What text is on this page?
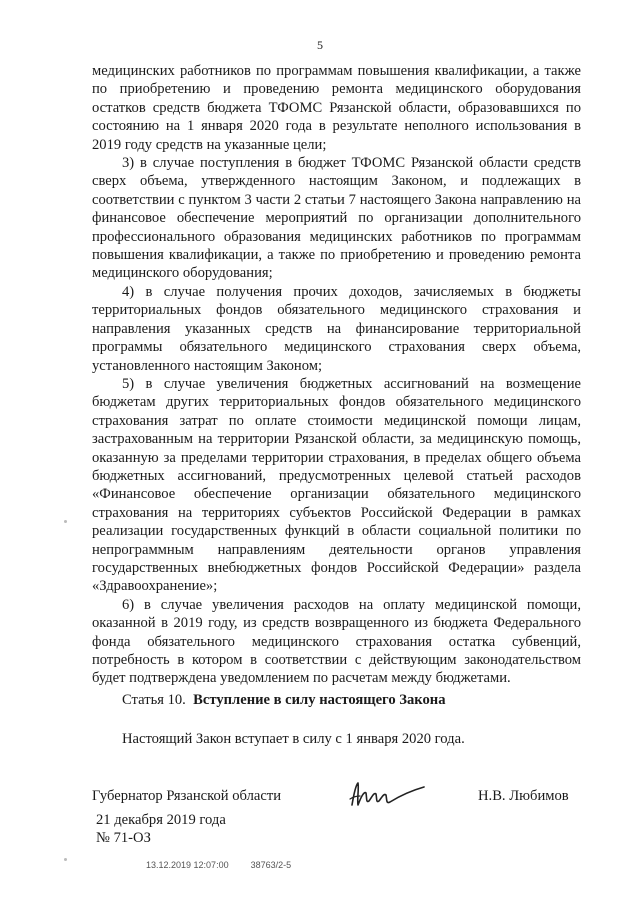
5

медицинских работников по программам повышения квалификации, а также по приобретению и проведению ремонта медицинского оборудования остатков средств бюджета ТФОМС Рязанской области, образовавшихся по состоянию на 1 января 2020 года в результате неполного использования в 2019 году средств на указанные цели;

3) в случае поступления в бюджет ТФОМС Рязанской области средств сверх объема, утвержденного настоящим Законом, и подлежащих в соответствии с пунктом 3 части 2 статьи 7 настоящего Закона направлению на финансовое обеспечение мероприятий по организации дополнительного профессионального образования медицинских работников по программам повышения квалификации, а также по приобретению и проведению ремонта медицинского оборудования;

4) в случае получения прочих доходов, зачисляемых в бюджеты территориальных фондов обязательного медицинского страхования и направления указанных средств на финансирование территориальной программы обязательного медицинского страхования сверх объема, установленного настоящим Законом;

5) в случае увеличения бюджетных ассигнований на возмещение бюджетам других территориальных фондов обязательного медицинского страхования затрат по оплате стоимости медицинской помощи лицам, застрахованным на территории Рязанской области, за медицинскую помощь, оказанную за пределами территории страхования, в пределах общего объема бюджетных ассигнований, предусмотренных целевой статьей расходов «Финансовое обеспечение организации обязательного медицинского страхования на территориях субъектов Российской Федерации в рамках реализации государственных функций в области социальной политики по непрограммным направлениям деятельности органов управления государственных внебюджетных фондов Российской Федерации» раздела «Здравоохранение»;

6) в случае увеличения расходов на оплату медицинской помощи, оказанной в 2019 году, из средств возвращенного из бюджета Федерального фонда обязательного медицинского страхования остатка субвенций, потребность в котором в соответствии с действующим законодательством будет подтверждена уведомлением по расчетам между бюджетами.

Статья 10. Вступление в силу настоящего Закона
Настоящий Закон вступает в силу с 1 января 2020 года.
Губернатор Рязанской области	Н.В. Любимов
21 декабря 2019 года
№ 71-ОЗ
13.12.2019 12:07:00 38763/2-5
